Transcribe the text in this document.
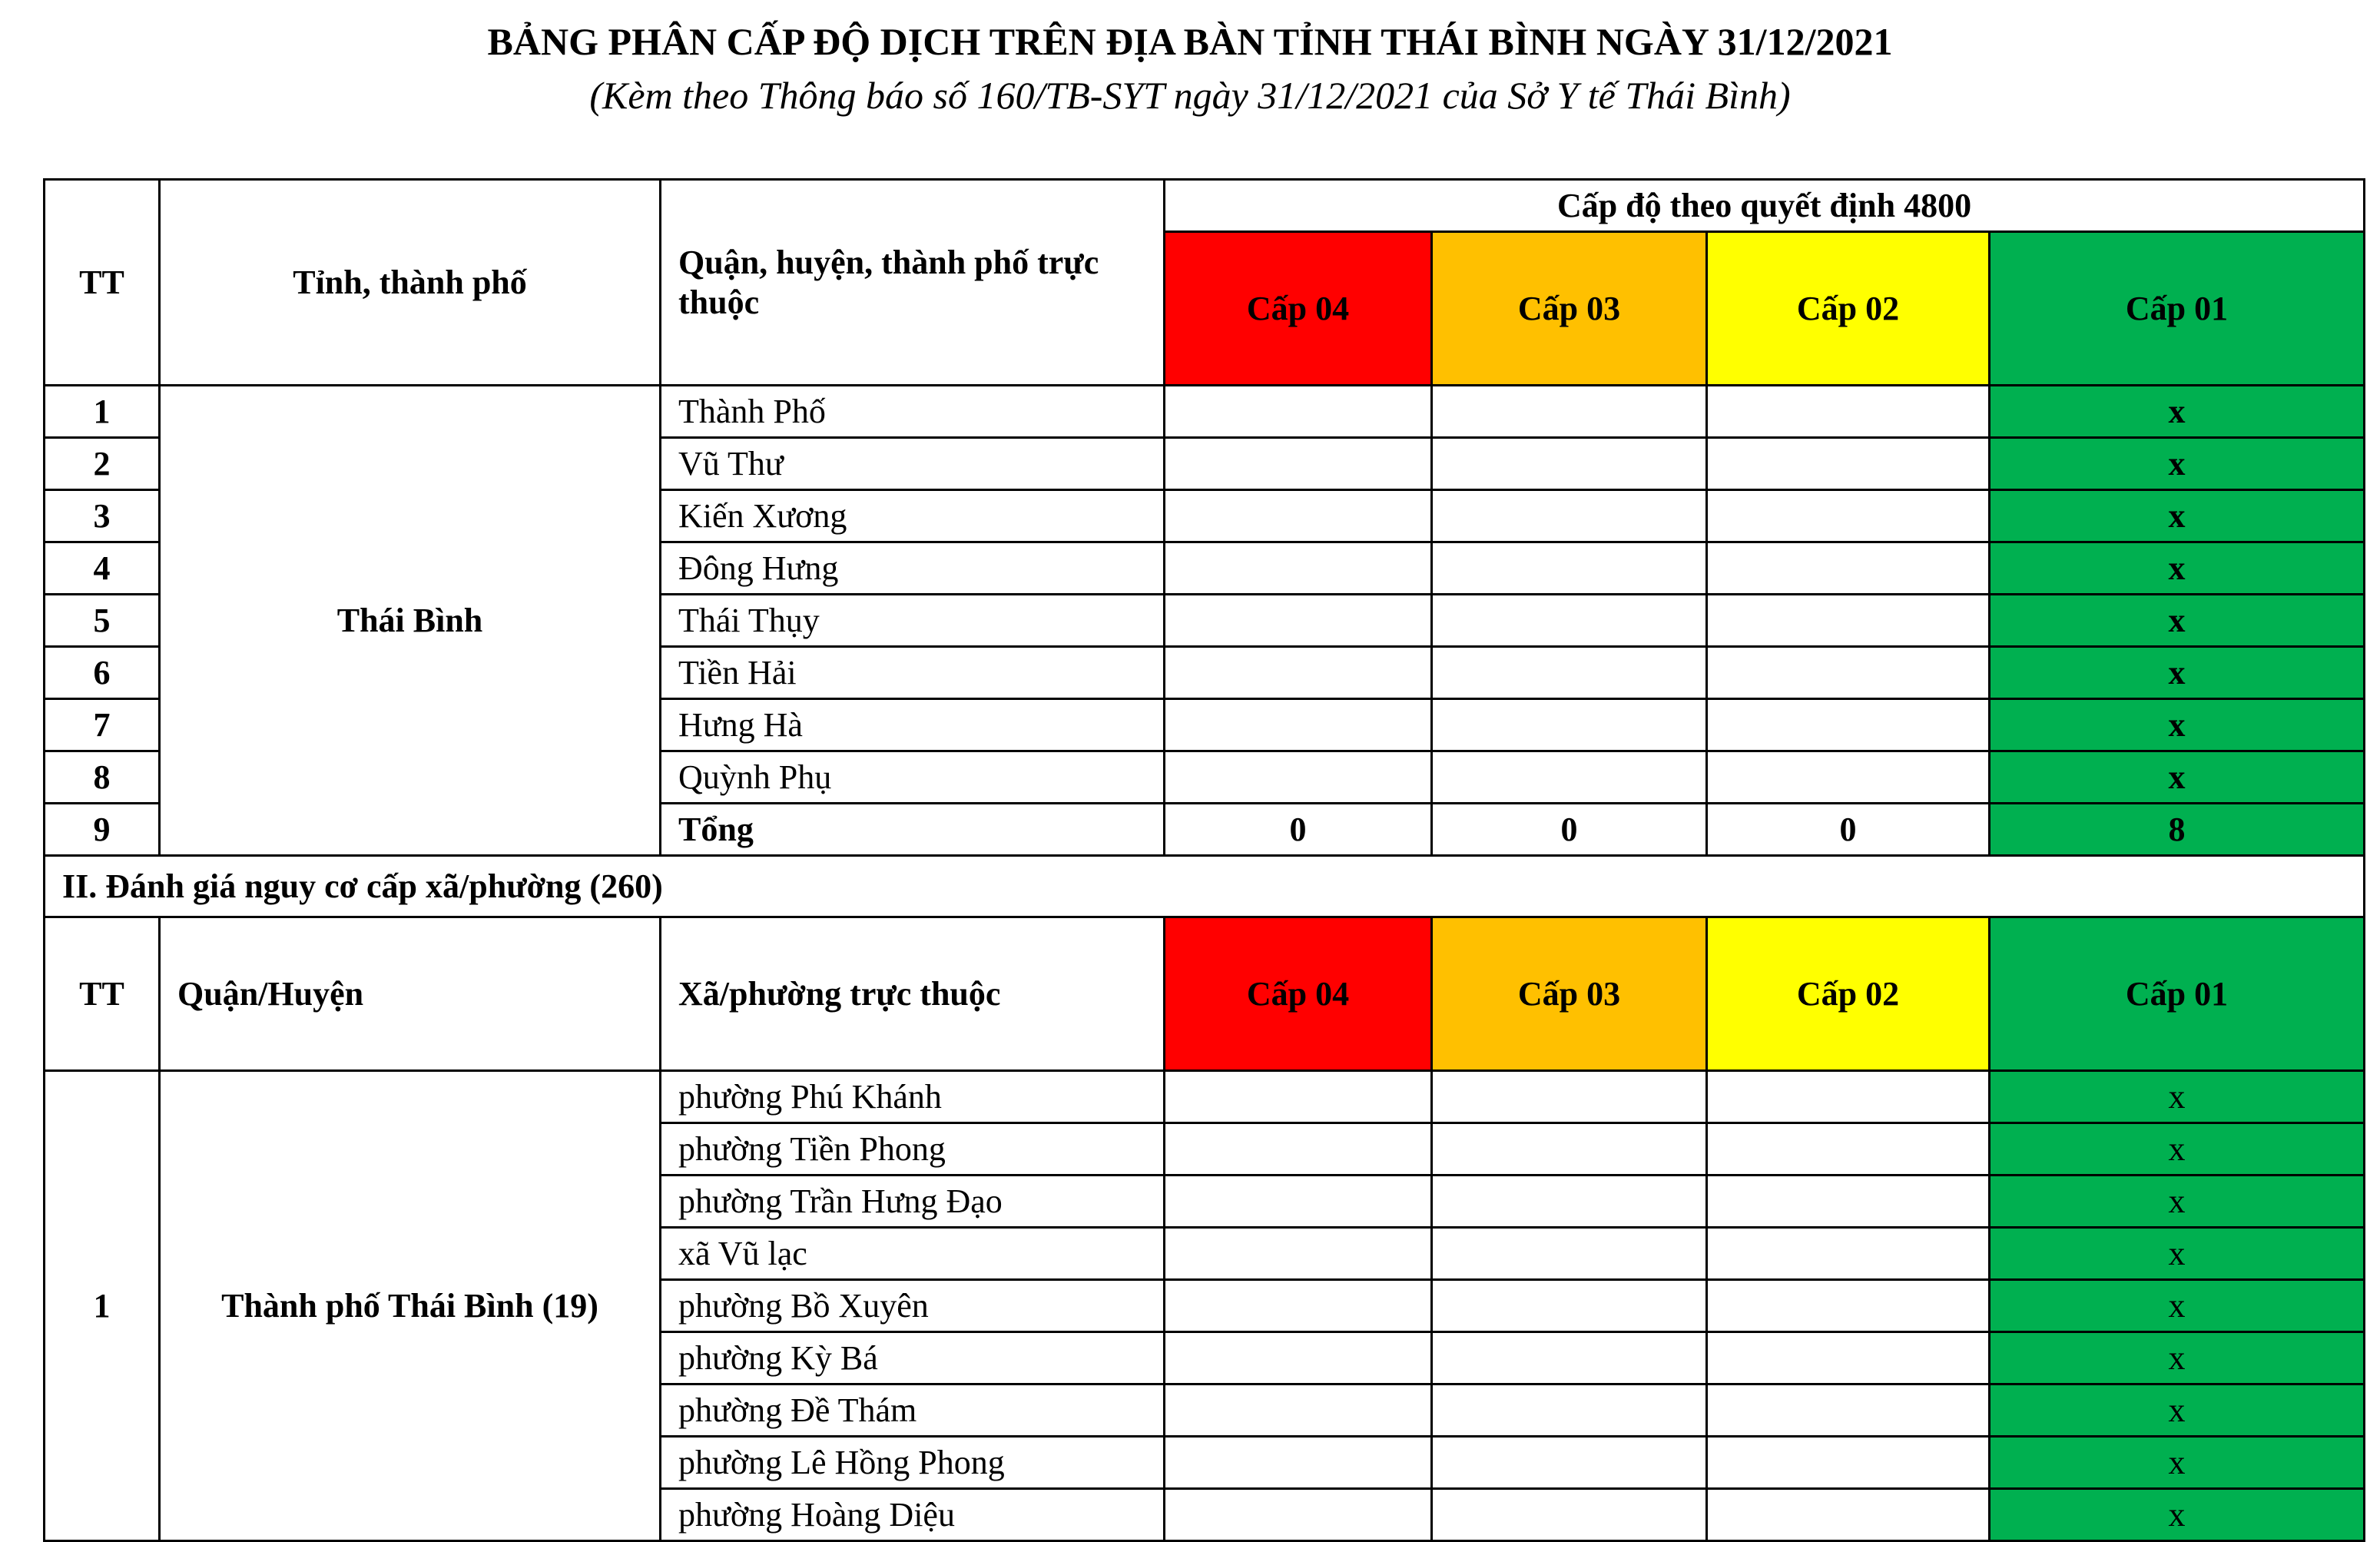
BẢNG PHÂN CẤP ĐỘ DỊCH TRÊN ĐỊA BÀN TỈNH THÁI BÌNH NGÀY 31/12/2021
(Kèm theo Thông báo số 160/TB-SYT ngày 31/12/2021 của Sở Y tế Thái Bình)
TT	Tỉnh, thành phố	Quận, huyện, thành phố trực thuộc	Cấp độ theo quyết định 4800			
			Cấp 04	Cấp 03	Cấp 02	Cấp 01
1	Thái Bình	Thành Phố				x
2		Vũ Thư				x
3		Kiến Xương				x
4		Đông Hưng				x
5		Thái Thụy				x
6		Tiền Hải				x
7		Hưng Hà				x
8		Quỳnh Phụ				x
9		Tổng	0	0	0	8
II. Đánh giá nguy cơ cấp xã/phường (260)						
TT	Quận/Huyện	Xã/phường trực thuộc	Cấp 04	Cấp 03	Cấp 02	Cấp 01
1	Thành phố Thái Bình (19)	phường Phú Khánh				x
		phường Tiền Phong				x
		phường Trần Hưng Đạo				x
		xã Vũ lạc				x
		phường Bồ Xuyên				x
		phường Kỳ Bá				x
		phường Đề Thám				x
		phường Lê Hồng Phong				x
		phường Hoàng Diệu				x
